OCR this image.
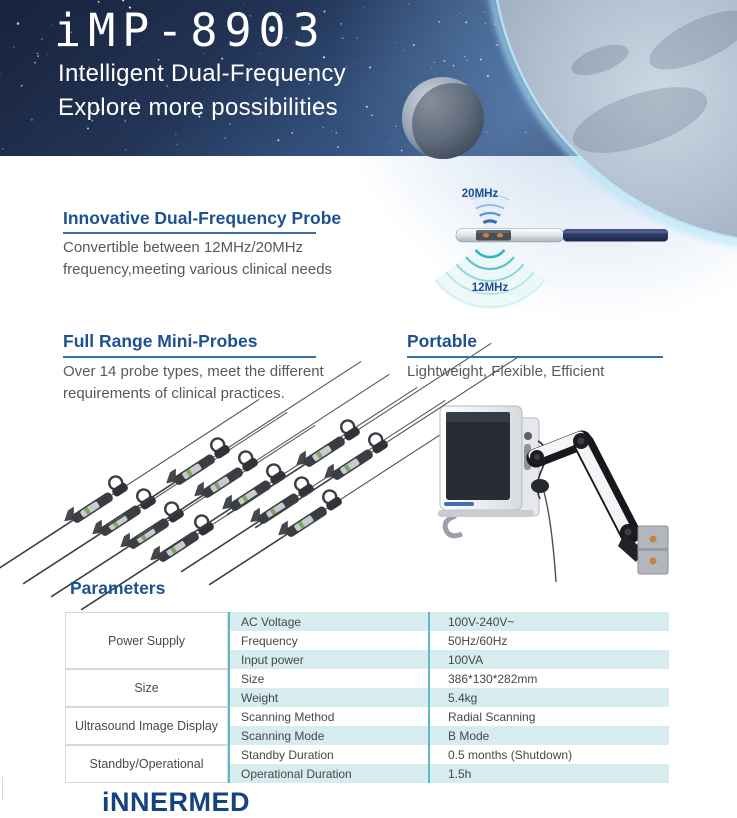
iMP-8903
Intelligent Dual-Frequency
Explore more possibilities
Innovative Dual-Frequency Probe
Convertible between 12MHz/20MHz
frequency,meeting various clinical needs
20MHz
12MHz
Full Range Mini-Probes
Over 14 probe types, meet the different
requirements of clinical practices.
Portable
Lightweight, Flexible, Efficient
Parameters
Power Supply
AC Voltage	100V-240V~
Frequency	50Hz/60Hz
Input power	100VA
Size
Size	386*130*282mm
Weight	5.4kg
Ultrasound Image Display
Scanning Method	Radial Scanning
Scanning Mode	B Mode
Standby/Operational
Standby Duration	0.5 months (Shutdown)
Operational Duration	1.5h
iNNERMED
